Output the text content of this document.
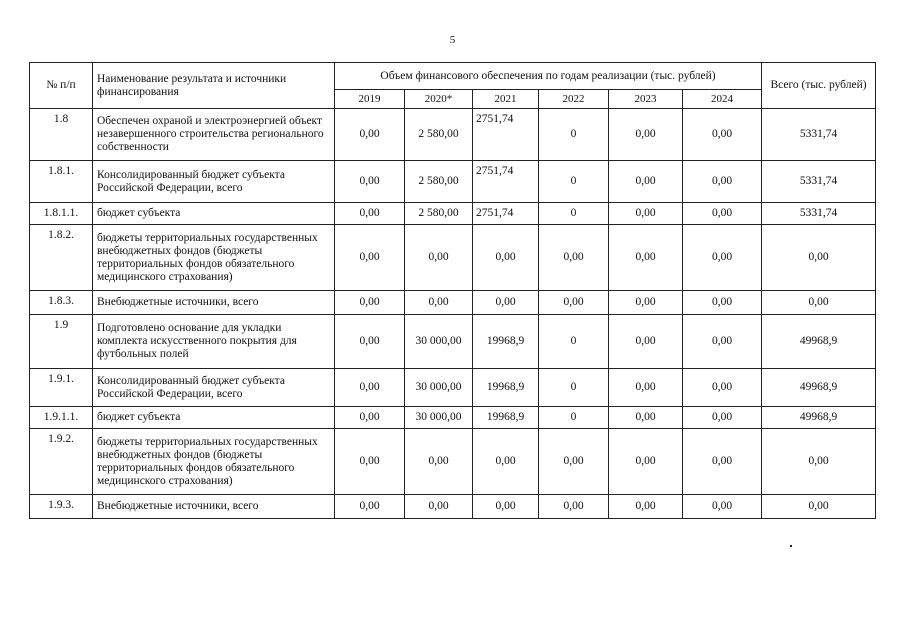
5
№ п/п	Наименование результата и источники финансирования	Объем финансового обеспечения по годам реализации (тыс. рублей)						Всего (тыс. рублей)
		2019	2020*	2021	2022	2023	2024	
1.8	Обеспечен охраной и электроэнергией объект незавершенного строительства регионального собственности	0,00	2 580,00	2751,74	0	0,00	0,00	5331,74
1.8.1.	Консолидированный бюджет субъекта Российской Федерации, всего	0,00	2 580,00	2751,74	0	0,00	0,00	5331,74
1.8.1.1.	бюджет субъекта	0,00	2 580,00	2751,74	0	0,00	0,00	5331,74
1.8.2.	бюджеты территориальных государственных внебюджетных фондов (бюджеты территориальных фондов обязательного медицинского страхования)	0,00	0,00	0,00	0,00	0,00	0,00	0,00
1.8.3.	Внебюджетные источники, всего	0,00	0,00	0,00	0,00	0,00	0,00	0,00
1.9	Подготовлено основание для укладки комплекта искусственного покрытия для футбольных полей	0,00	30 000,00	19968,9	0	0,00	0,00	49968,9
1.9.1.	Консолидированный бюджет субъекта Российской Федерации, всего	0,00	30 000,00	19968,9	0	0,00	0,00	49968,9
1.9.1.1.	бюджет субъекта	0,00	30 000,00	19968,9	0	0,00	0,00	49968,9
1.9.2.	бюджеты территориальных государственных внебюджетных фондов (бюджеты территориальных фондов обязательного медицинского страхования)	0,00	0,00	0,00	0,00	0,00	0,00	0,00
1.9.3.	Внебюджетные источники, всего	0,00	0,00	0,00	0,00	0,00	0,00	0,00
